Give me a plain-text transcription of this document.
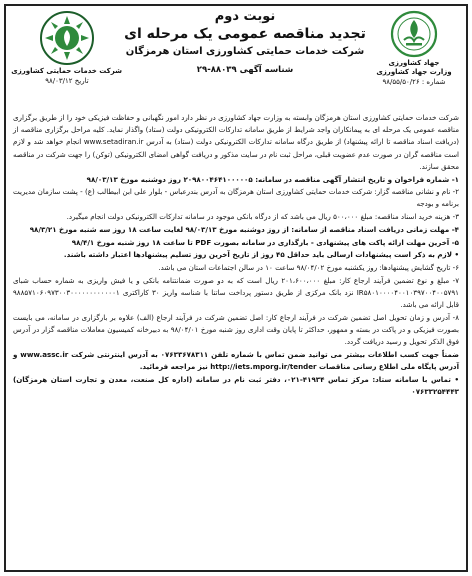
جهاد کشاورزی
وزارت جهاد کشاورزی
شماره : ۹۸/۵۵/۵۰/۲۶
نوبت دوم
تجدید مناقصه عمومی یک مرحله ای
شرکت خدمات حمایتی کشاورزی استان هرمزگان
شناسه آگهی ۸۸۰۳۹-۲۹
شرکت خدمات حمایتی کشاورزی
تاریخ ۹۸/۰۳/۱۲

شرکت خدمات حمایتی کشاورزی استان هرمزگان وابسته به وزارت جهاد کشاورزی در نظر دارد امور نگهبانی و حفاظت فیزیکی خود را از طریق برگزاری مناقصه عمومی یک مرحله ای به پیمانکاران واجد شرایط از طریق سامانه تدارکات الکترونیکی دولت (ستاد) واگذار نماید. کلیه مراحل برگزاری مناقصه از (دریافت اسناد مناقصه تا ارائه پیشنهاد) از طریق درگاه سامانه تدارکات الکترونیکی دولت (ستاد) به آدرس www.setadiran.ir انجام خواهد شد و لازم است مناقصه گران در صورت عدم عضویت قبلی، مراحل ثبت نام در سایت مذکور و دریافت گواهی امضای الکترونیکی (توکن) را جهت شرکت در مناقصه محقق سازند.

۱- شماره فراخوان و تاریخ انتشار آگهی مناقصه در سامانه: ۲۰۹۸۰۰۴۶۴۱۰۰۰۰۰۵ روز دوشنبه مورخ ۹۸/۰۳/۱۳

۲- نام و نشانی مناقصه گزار: شرکت خدمات حمایتی کشاورزی استان هرمزگان به آدرس بندرعباس - بلوار علی ابن ابیطالب (ع) - پشت سازمان مدیریت برنامه و بودجه

۳- هزینه خرید اسناد مناقصه: مبلغ ۵۰۰،۰۰۰ ریال می باشد که از درگاه بانکی موجود در سامانه تدارکات الکترونیکی دولت انجام میگیرد.

۴- مهلت زمانی دریافت اسناد مناقصه از سامانه: از روز دوشنبه مورخ ۹۸/۰۳/۱۳ لغایت ساعت ۱۸ روز سه شنبه مورخ ۹۸/۳/۲۱

۵- آخرین مهلت ارائه پاکت های پیشنهادی - بارگذاری در سامانه بصورت PDF تا ساعت ۱۸ روز شنبه مورخ ۹۸/۴/۱

• لازم به ذکر است پیشنهادات ارسالی باید حداقل ۴۵ روز از تاریخ آخرین روز تسلیم پیشنهادها اعتبار داشته باشند.

۶- تاریخ گشایش پیشنهادها: روز یکشنبه مورخ ۹۸/۰۴/۰۲ ساعت ۱۰ در سالن اجتماعات استان می باشد.

۷- مبلغ و نوع تضمین فرآیند ارجاع کار: مبلغ ۲۰۱،۶۰۰،۰۰۰ ریال است که به دو صورت ضمانتنامه بانکی و یا فیش واریزی به شماره حساب شبای IR۵۸۰۱۰۰۰۰۴۰۰۱۰۳۹۷۰۰۴۰۰۵۷۹۱ نزد بانک مرکزی از طریق دستور پرداخت ساتنا با شناسه واریز ۳۰ کاراکتری ۹۸۸۵۷۱۰۶۰۹۷۳۰۰۳۰۰۰۰۰۰۰۰۰۰۰۰۱ قابل ارائه می باشد.

۸- آدرس و زمان تحویل اصل تضمین شرکت در فرآیند ارجاع کار: اصل تضمین شرکت در فرآیند ارجاع (الف) علاوه بر بارگزاری در سامانه، می بایست بصورت فیزیکی و در پاکت در بسته و ممهور، حداکثر تا پایان وقت اداری روز شنبه مورخ ۹۸/۰۴/۰۱ به دبیرخانه کمیسیون معاملات مناقصه گزار در آدرس فوق الذکر تحویل و رسید دریافت گردد.

ضمناً جهت کسب اطلاعات بیشتر می توانید ضمن تماس با شماره تلفن ۰۷۶۳۳۶۷۸۳۱۱ به آدرس اینترنتی شرکت www.assc.ir و آدرس پایگاه ملی اطلاع رسانی مناقصات http://iets.mporg.ir/tender نیز مراجعه فرمائید.

• تماس با سامانه ستاد: مرکز تماس ۴۱۹۳۴-۰۲۱، دفتر ثبت نام در سامانه (اداره کل صنعت، معدن و تجارت استان هرمزگان) ۰۷۶۳۳۲۵۴۴۴۳
